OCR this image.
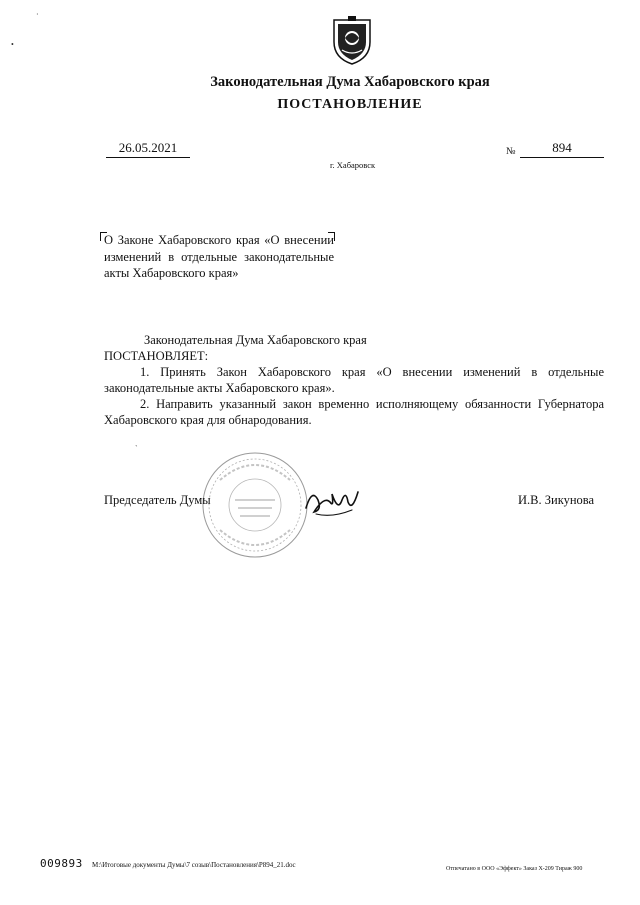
•
·
ˋ
Законодательная Дума Хабаровского края
ПОСТАНОВЛЕНИЕ
26.05.2021	№	894
г. Хабаровск
О Законе Хабаровского края «О внесении изменений в отдельные законодательные акты Хабаровского края»

Законодательная Дума Хабаровского края

ПОСТАНОВЛЯЕТ:

1. Принять Закон Хабаровского края «О внесении изменений в отдельные законодательные акты Хабаровского края».

2. Направить указанный закон временно исполняющему обязанности Губернатора Хабаровского края для обнародования.

Председатель Думы	И.В. Зикунова
009893 M:\Итоговые документы Думы\7 созыв\Постановления\P894_21.doc	Отпечатано в ООО «Эффект» Заказ Х-209 Тираж 900
